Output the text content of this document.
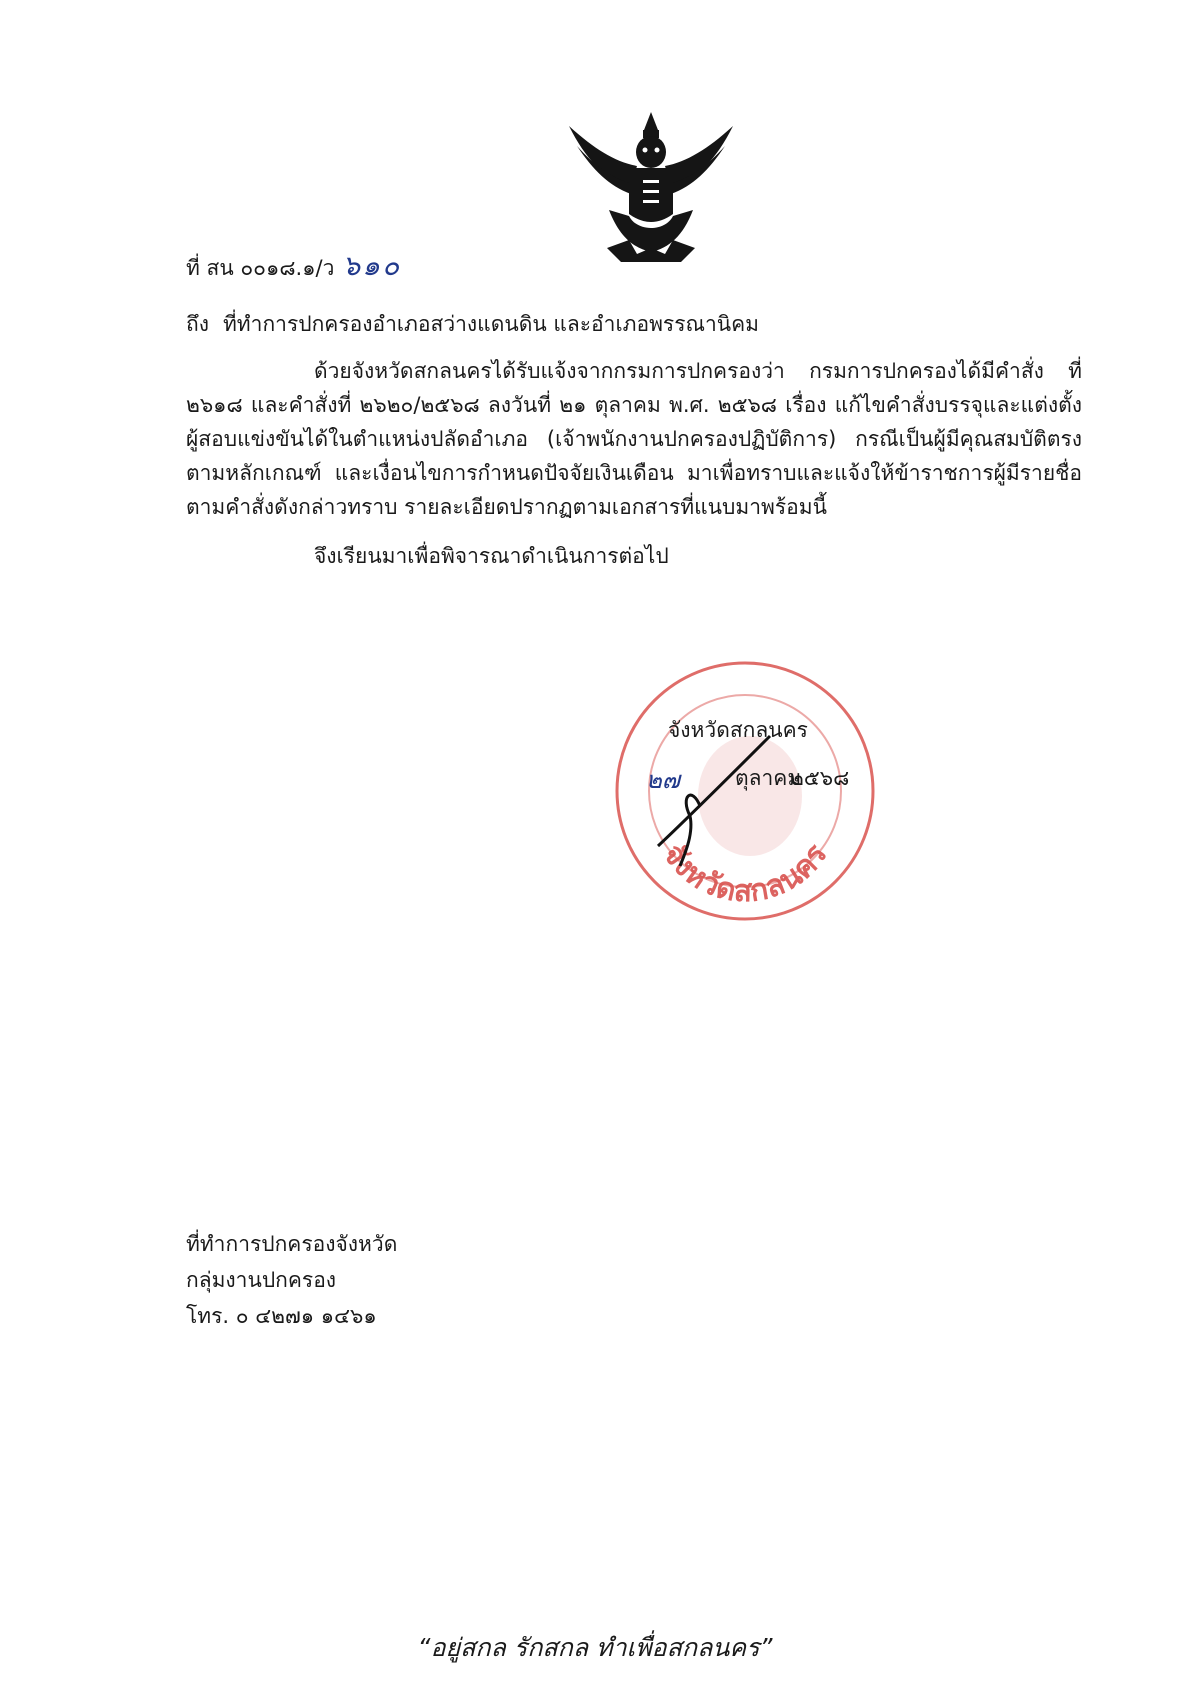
ที่ สน ๐๐๑๘.๑/ว ๖๑๐
ถึง ที่ทำการปกครองอำเภอสว่างแดนดิน และอำเภอพรรณานิคม
ด้วยจังหวัดสกลนครได้รับแจ้งจากกรมการปกครองว่า กรมการปกครองได้มีคำสั่ง ที่ ๒๖๑๘ และคำสั่งที่ ๒๖๒๐/๒๕๖๘ ลงวันที่ ๒๑ ตุลาคม พ.ศ. ๒๕๖๘ เรื่อง แก้ไขคำสั่งบรรจุและแต่งตั้ง ผู้สอบแข่งขันได้ในตำแหน่งปลัดอำเภอ (เจ้าพนักงานปกครองปฏิบัติการ) กรณีเป็นผู้มีคุณสมบัติตรงตามหลักเกณฑ์ และเงื่อนไขการกำหนดปัจจัยเงินเดือน มาเพื่อทราบและแจ้งให้ข้าราชการผู้มีรายชื่อตามคำสั่งดังกล่าวทราบ รายละเอียดปรากฏตามเอกสารที่แนบมาพร้อมนี้
จึงเรียนมาเพื่อพิจารณาดำเนินการต่อไป
จังหวัดสกลนคร
จังหวัดสกลนคร
๒๗	ตุลาคม
๒๕๖๘
ที่ทำการปกครองจังหวัด
กลุ่มงานปกครอง
โทร. ๐ ๔๒๗๑ ๑๔๖๑
“อยู่สกล รักสกล ทำเพื่อสกลนคร”
